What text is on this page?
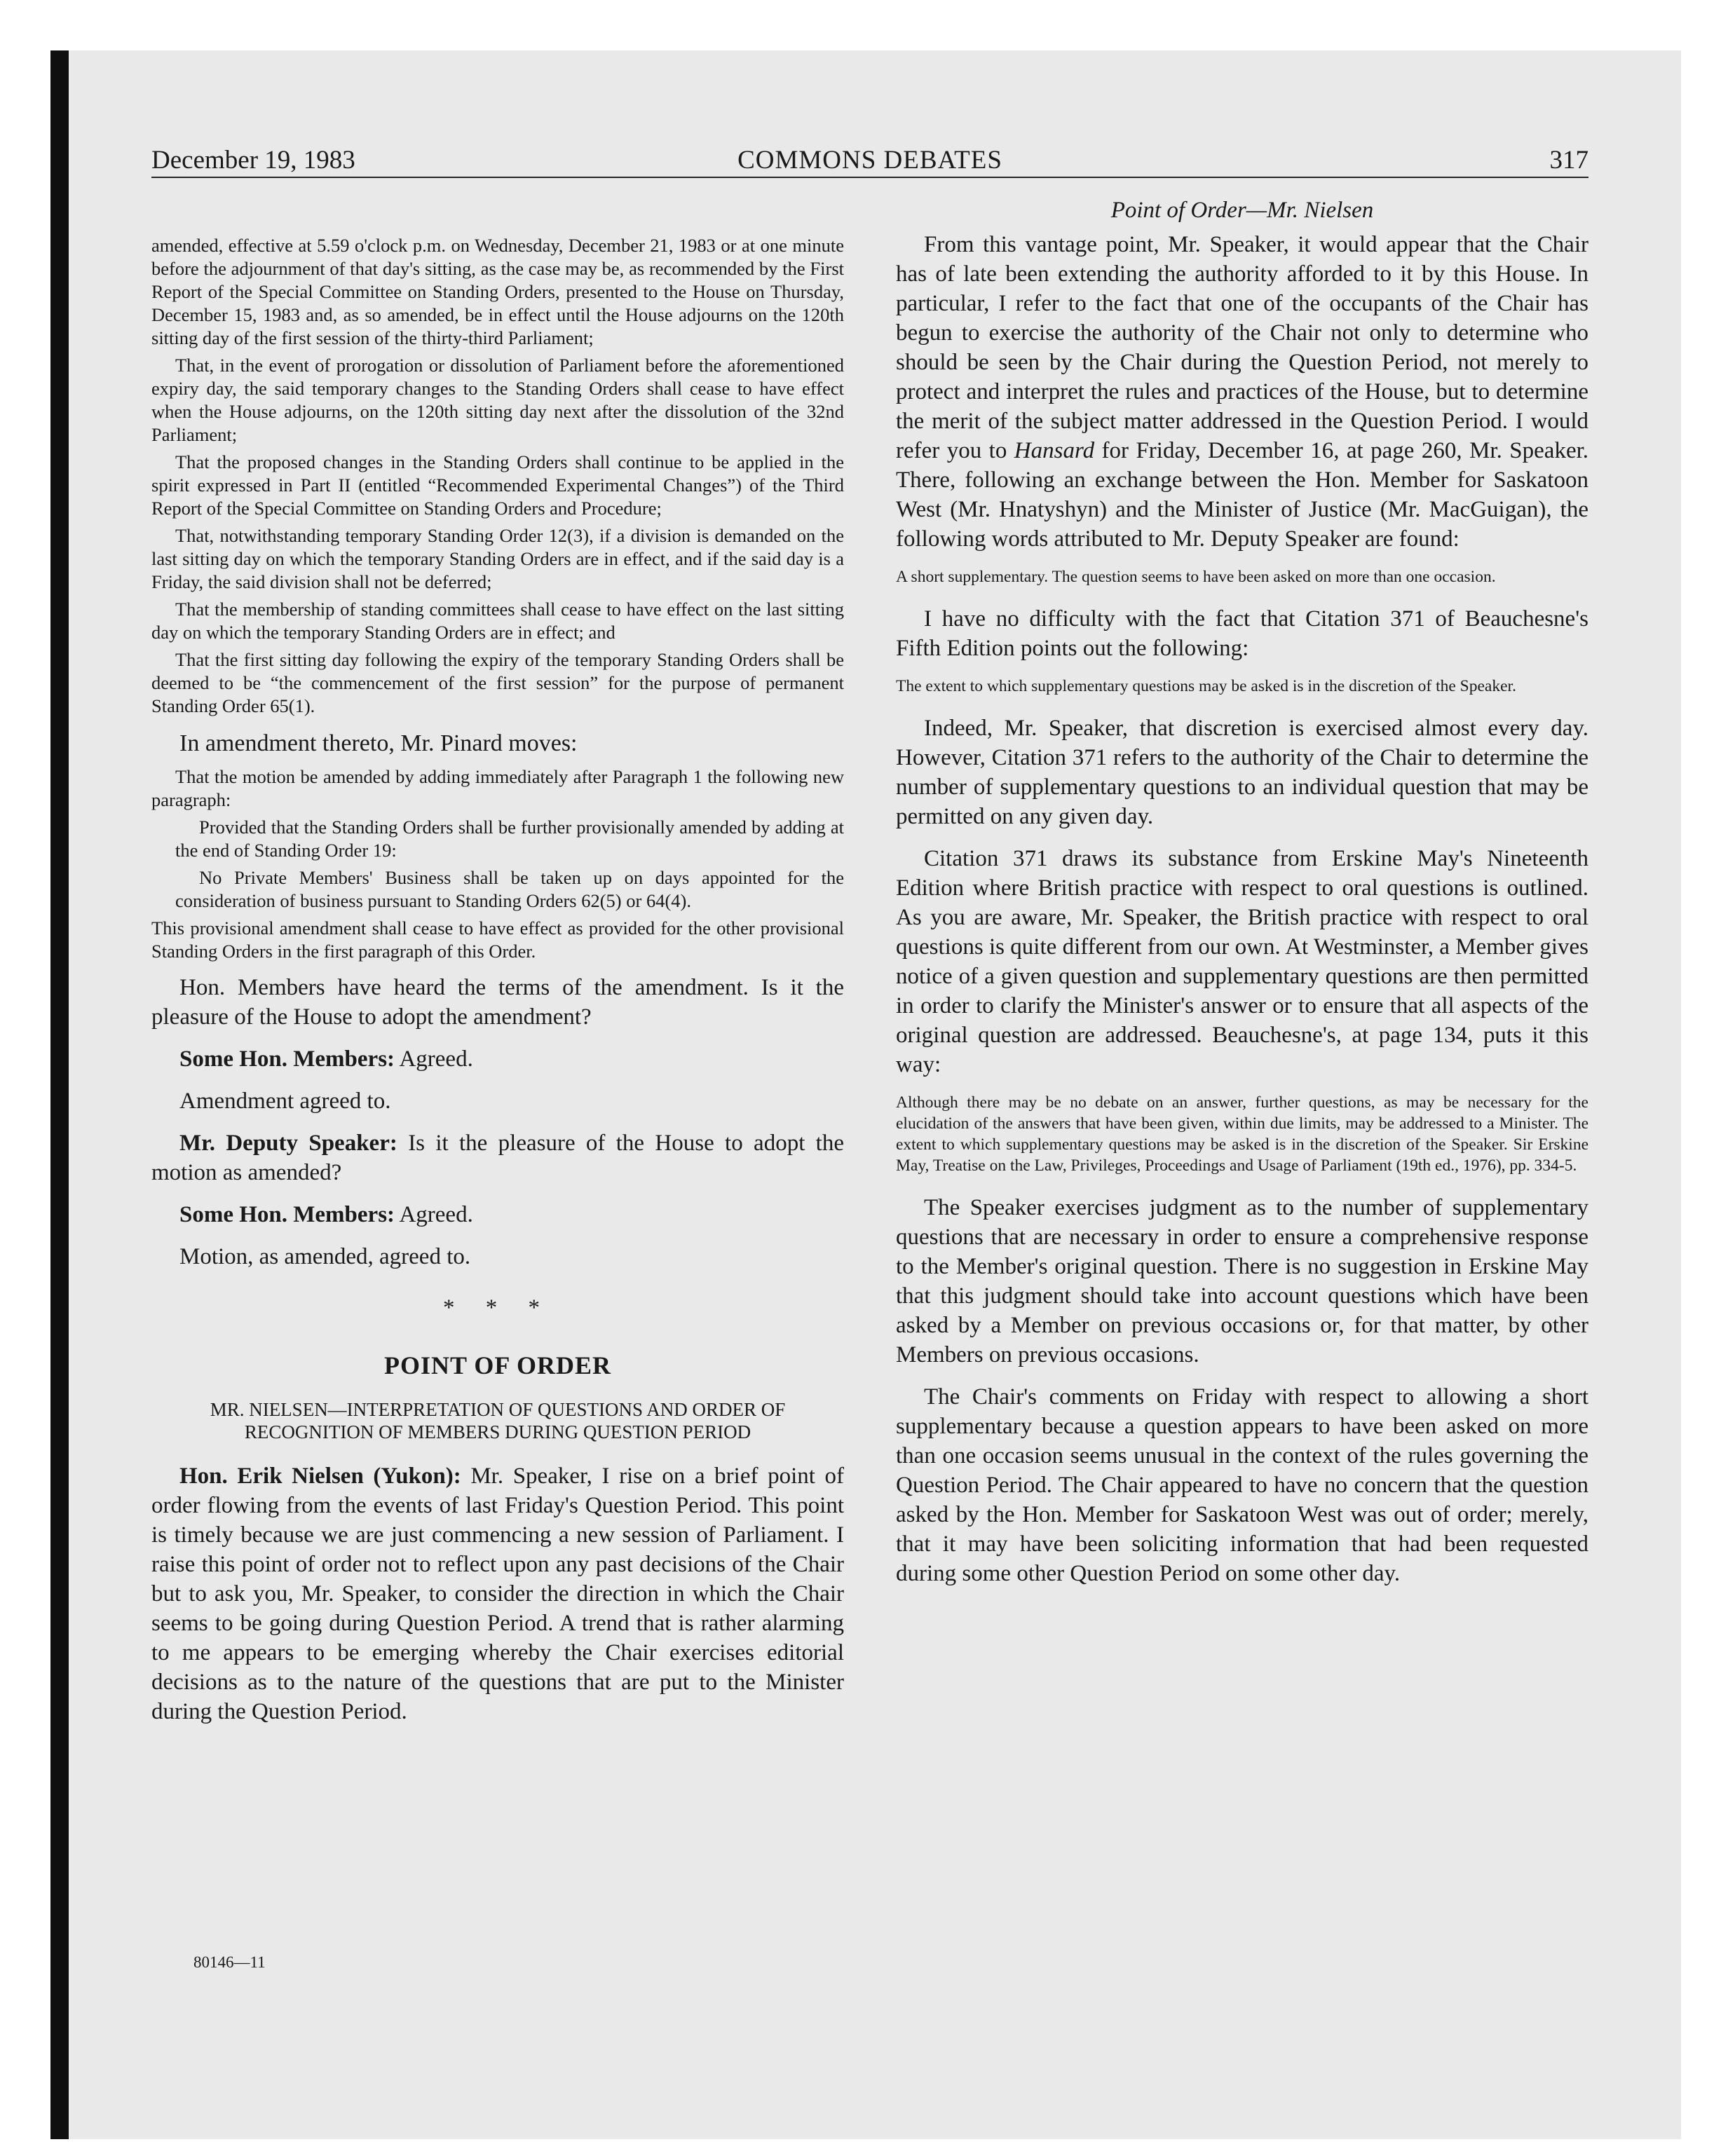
December 19, 1983	COMMONS DEBATES	317

amended, effective at 5.59 o'clock p.m. on Wednesday, December 21, 1983 or at one minute before the adjournment of that day's sitting, as the case may be, as recommended by the First Report of the Special Committee on Standing Orders, presented to the House on Thursday, December 15, 1983 and, as so amended, be in effect until the House adjourns on the 120th sitting day of the first session of the thirty-third Parliament;

That, in the event of prorogation or dissolution of Parliament before the aforementioned expiry day, the said temporary changes to the Standing Orders shall cease to have effect when the House adjourns, on the 120th sitting day next after the dissolution of the 32nd Parliament;

That the proposed changes in the Standing Orders shall continue to be applied in the spirit expressed in Part II (entitled “Recommended Experimental Changes”) of the Third Report of the Special Committee on Standing Orders and Procedure;

That, notwithstanding temporary Standing Order 12(3), if a division is demanded on the last sitting day on which the temporary Standing Orders are in effect, and if the said day is a Friday, the said division shall not be deferred;

That the membership of standing committees shall cease to have effect on the last sitting day on which the temporary Standing Orders are in effect; and

That the first sitting day following the expiry of the temporary Standing Orders shall be deemed to be “the commencement of the first session” for the purpose of permanent Standing Order 65(1).

In amendment thereto, Mr. Pinard moves:

That the motion be amended by adding immediately after Paragraph 1 the following new paragraph:

Provided that the Standing Orders shall be further provisionally amended by adding at the end of Standing Order 19:

No Private Members' Business shall be taken up on days appointed for the consideration of business pursuant to Standing Orders 62(5) or 64(4).

This provisional amendment shall cease to have effect as provided for the other provisional Standing Orders in the first paragraph of this Order.

Hon. Members have heard the terms of the amendment. Is it the pleasure of the House to adopt the amendment?

Some Hon. Members: Agreed.

Amendment agreed to.

Mr. Deputy Speaker: Is it the pleasure of the House to adopt the motion as amended?

Some Hon. Members: Agreed.

Motion, as amended, agreed to.

* * *
POINT OF ORDER
MR. NIELSEN—INTERPRETATION OF QUESTIONS AND ORDER OF RECOGNITION OF MEMBERS DURING QUESTION PERIOD

Hon. Erik Nielsen (Yukon): Mr. Speaker, I rise on a brief point of order flowing from the events of last Friday's Question Period. This point is timely because we are just commencing a new session of Parliament. I raise this point of order not to reflect upon any past decisions of the Chair but to ask you, Mr. Speaker, to consider the direction in which the Chair seems to be going during Question Period. A trend that is rather alarming to me appears to be emerging whereby the Chair exercises editorial decisions as to the nature of the questions that are put to the Minister during the Question Period.

80146—11
Point of Order—Mr. Nielsen

From this vantage point, Mr. Speaker, it would appear that the Chair has of late been extending the authority afforded to it by this House. In particular, I refer to the fact that one of the occupants of the Chair has begun to exercise the authority of the Chair not only to determine who should be seen by the Chair during the Question Period, not merely to protect and interpret the rules and practices of the House, but to determine the merit of the subject matter addressed in the Question Period. I would refer you to Hansard for Friday, December 16, at page 260, Mr. Speaker. There, following an exchange between the Hon. Member for Saskatoon West (Mr. Hnatyshyn) and the Minister of Justice (Mr. MacGuigan), the following words attributed to Mr. Deputy Speaker are found:

A short supplementary. The question seems to have been asked on more than one occasion.

I have no difficulty with the fact that Citation 371 of Beauchesne's Fifth Edition points out the following:

The extent to which supplementary questions may be asked is in the discretion of the Speaker.

Indeed, Mr. Speaker, that discretion is exercised almost every day. However, Citation 371 refers to the authority of the Chair to determine the number of supplementary questions to an individual question that may be permitted on any given day.

Citation 371 draws its substance from Erskine May's Nineteenth Edition where British practice with respect to oral questions is outlined. As you are aware, Mr. Speaker, the British practice with respect to oral questions is quite different from our own. At Westminster, a Member gives notice of a given question and supplementary questions are then permitted in order to clarify the Minister's answer or to ensure that all aspects of the original question are addressed. Beauchesne's, at page 134, puts it this way:

Although there may be no debate on an answer, further questions, as may be necessary for the elucidation of the answers that have been given, within due limits, may be addressed to a Minister. The extent to which supplementary questions may be asked is in the discretion of the Speaker. Sir Erskine May, Treatise on the Law, Privileges, Proceedings and Usage of Parliament (19th ed., 1976), pp. 334-5.

The Speaker exercises judgment as to the number of supplementary questions that are necessary in order to ensure a comprehensive response to the Member's original question. There is no suggestion in Erskine May that this judgment should take into account questions which have been asked by a Member on previous occasions or, for that matter, by other Members on previous occasions.

The Chair's comments on Friday with respect to allowing a short supplementary because a question appears to have been asked on more than one occasion seems unusual in the context of the rules governing the Question Period. The Chair appeared to have no concern that the question asked by the Hon. Member for Saskatoon West was out of order; merely, that it may have been soliciting information that had been requested during some other Question Period on some other day.
